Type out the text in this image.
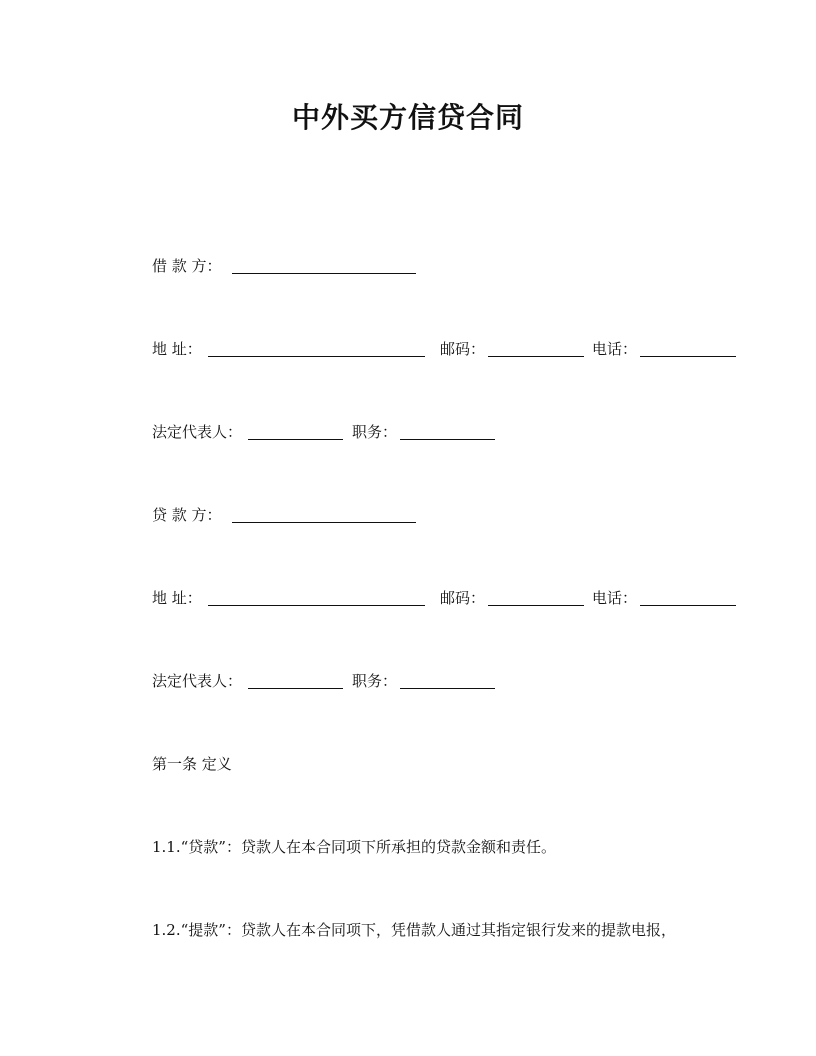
中外买方信贷合同
借 款 方：
地 址：	邮码：	电话：
法定代表人：	职务：
贷 款 方：
地 址：	邮码：	电话：
法定代表人：	职务：
第一条 定义
1.1.“贷款”：贷款人在本合同项下所承担的贷款金额和责任。
1.2.“提款”：贷款人在本合同项下，凭借款人通过其指定银行发来的提款电报，
